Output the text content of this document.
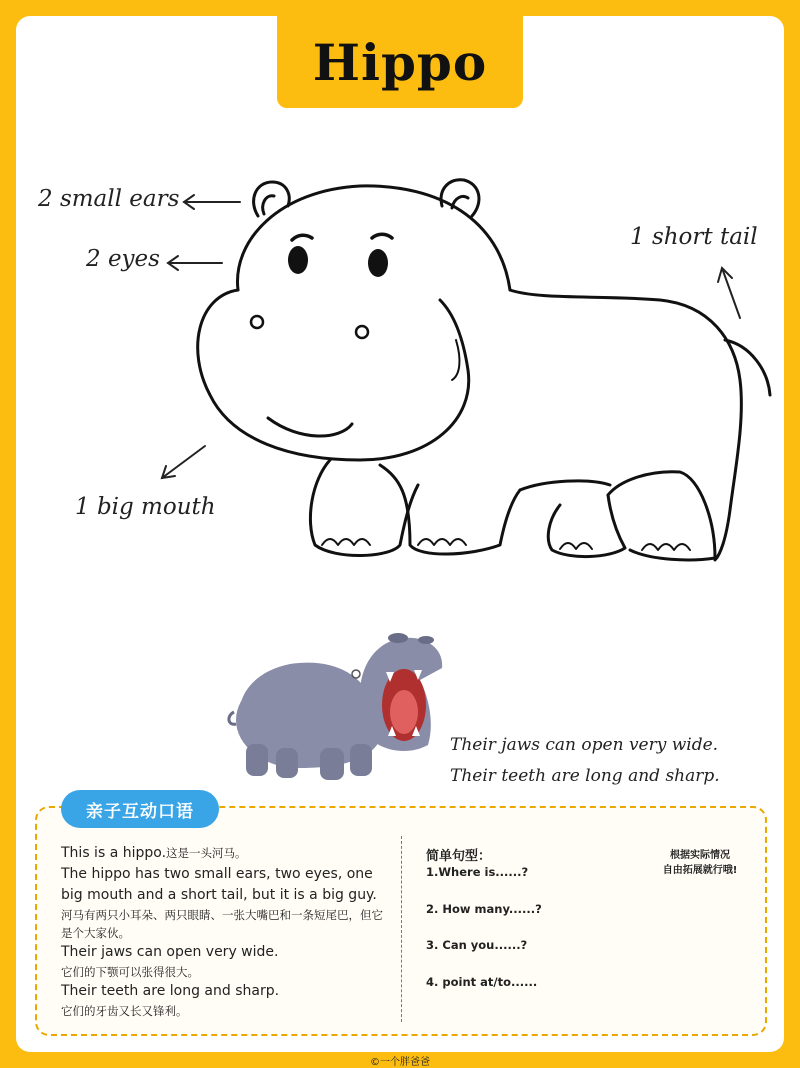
Hippo
2 small ears
2 eyes
1 short tail
1 big mouth
Their jaws can open very wide.
Their teeth are long and sharp.
亲子互动口语
This is a hippo.这是一头河马。
The hippo has two small ears, two eyes, one big mouth and a short tail, but it is a big guy.
河马有两只小耳朵、两只眼睛、一张大嘴巴和一条短尾巴，但它是个大家伙。
Their jaws can open very wide.
它们的下颚可以张得很大。
Their teeth are long and sharp.
它们的牙齿又长又锋利。
简单句型：
1.Where is......?
2. How many......?
3. Can you......?
4. point at/to......
根据实际情况
自由拓展就行哦!
©一个胖爸爸
